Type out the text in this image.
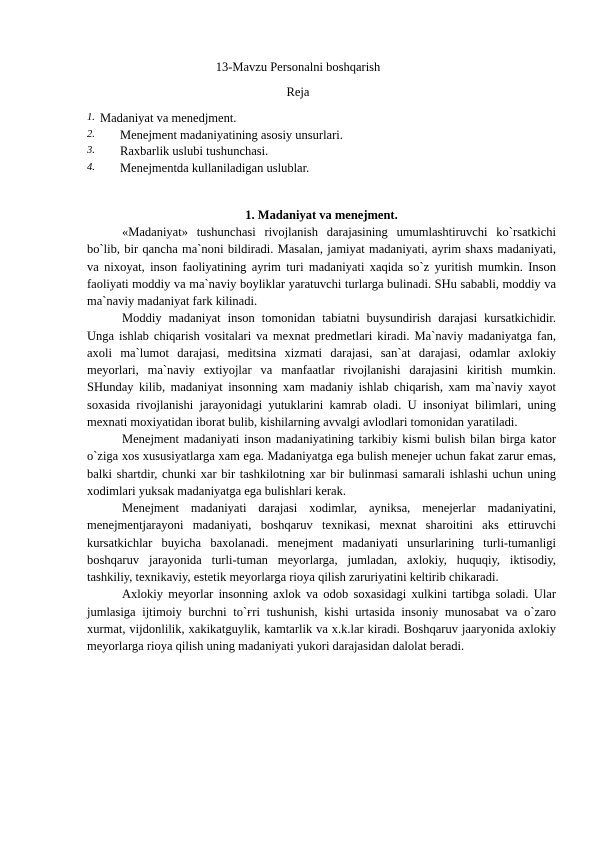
13-Mavzu Personalni boshqarish
Reja
1. Madaniyat va menedjment.
2. Menejment madaniyatining asosiy unsurlari.
3. Raxbarlik uslubi tushunchasi.
4. Menejmentda kullaniladigan uslublar.
1. Madaniyat va menejment.

«Madaniyat» tushunchasi rivojlanish darajasining umumlashtiruvchi ko`rsatkichi bo`lib, bir qancha ma`noni bildiradi. Masalan, jamiyat madaniyati, ayrim shaxs madaniyati, va nixoyat, inson faoliyatining ayrim turi madaniyati xaqida so`z yuritish mumkin. Inson faoliyati moddiy va ma`naviy boyliklar yaratuvchi turlarga bulinadi. SHu sababli, moddiy va ma`naviy madaniyat fark kilinadi.

Moddiy madaniyat inson tomonidan tabiatni buysundirish darajasi kursatkichidir. Unga ishlab chiqarish vositalari va mexnat predmetlari kiradi. Ma`naviy madaniyatga fan, axoli ma`lumot darajasi, meditsina xizmati darajasi, san`at darajasi, odamlar axlokiy meyorlari, ma`naviy extiyojlar va manfaatlar rivojlanishi darajasini kiritish mumkin. SHunday kilib, madaniyat insonning xam madaniy ishlab chiqarish, xam ma`naviy xayot soxasida rivojlanishi jarayonidagi yutuklarini kamrab oladi. U insoniyat bilimlari, uning mexnati moxiyatidan iborat bulib, kishilarning avvalgi avlodlari tomonidan yaratiladi.

Menejment madaniyati inson madaniyatining tarkibiy kismi bulish bilan birga kator o`ziga xos xususiyatlarga xam ega. Madaniyatga ega bulish menejer uchun fakat zarur emas, balki shartdir, chunki xar bir tashkilotning xar bir bulinmasi samarali ishlashi uchun uning xodimlari yuksak madaniyatga ega bulishlari kerak.

Menejment madaniyati darajasi xodimlar, ayniksa, menejerlar madaniyatini, menejmentjarayoni madaniyati, boshqaruv texnikasi, mexnat sharoitini aks ettiruvchi kursatkichlar buyicha baxolanadi. menejment madaniyati unsurlarining turli-tumanligi boshqaruv jarayonida turli-tuman meyorlarga, jumladan, axlokiy, huquqiy, iktisodiy, tashkiliy, texnikaviy, estetik meyorlarga rioya qilish zaruriyatini keltirib chikaradi.

Axlokiy meyorlar insonning axlok va odob soxasidagi xulkini tartibga soladi. Ular jumlasiga ijtimoiy burchni to`ғri tushunish, kishi urtasida insoniy munosabat va o`zaro xurmat, vijdonlilik, xakikatguylik, kamtarlik va x.k.lar kiradi. Boshqaruv jaaryonida axlokiy meyorlarga rioya qilish uning madaniyati yukori darajasidan dalolat beradi.
